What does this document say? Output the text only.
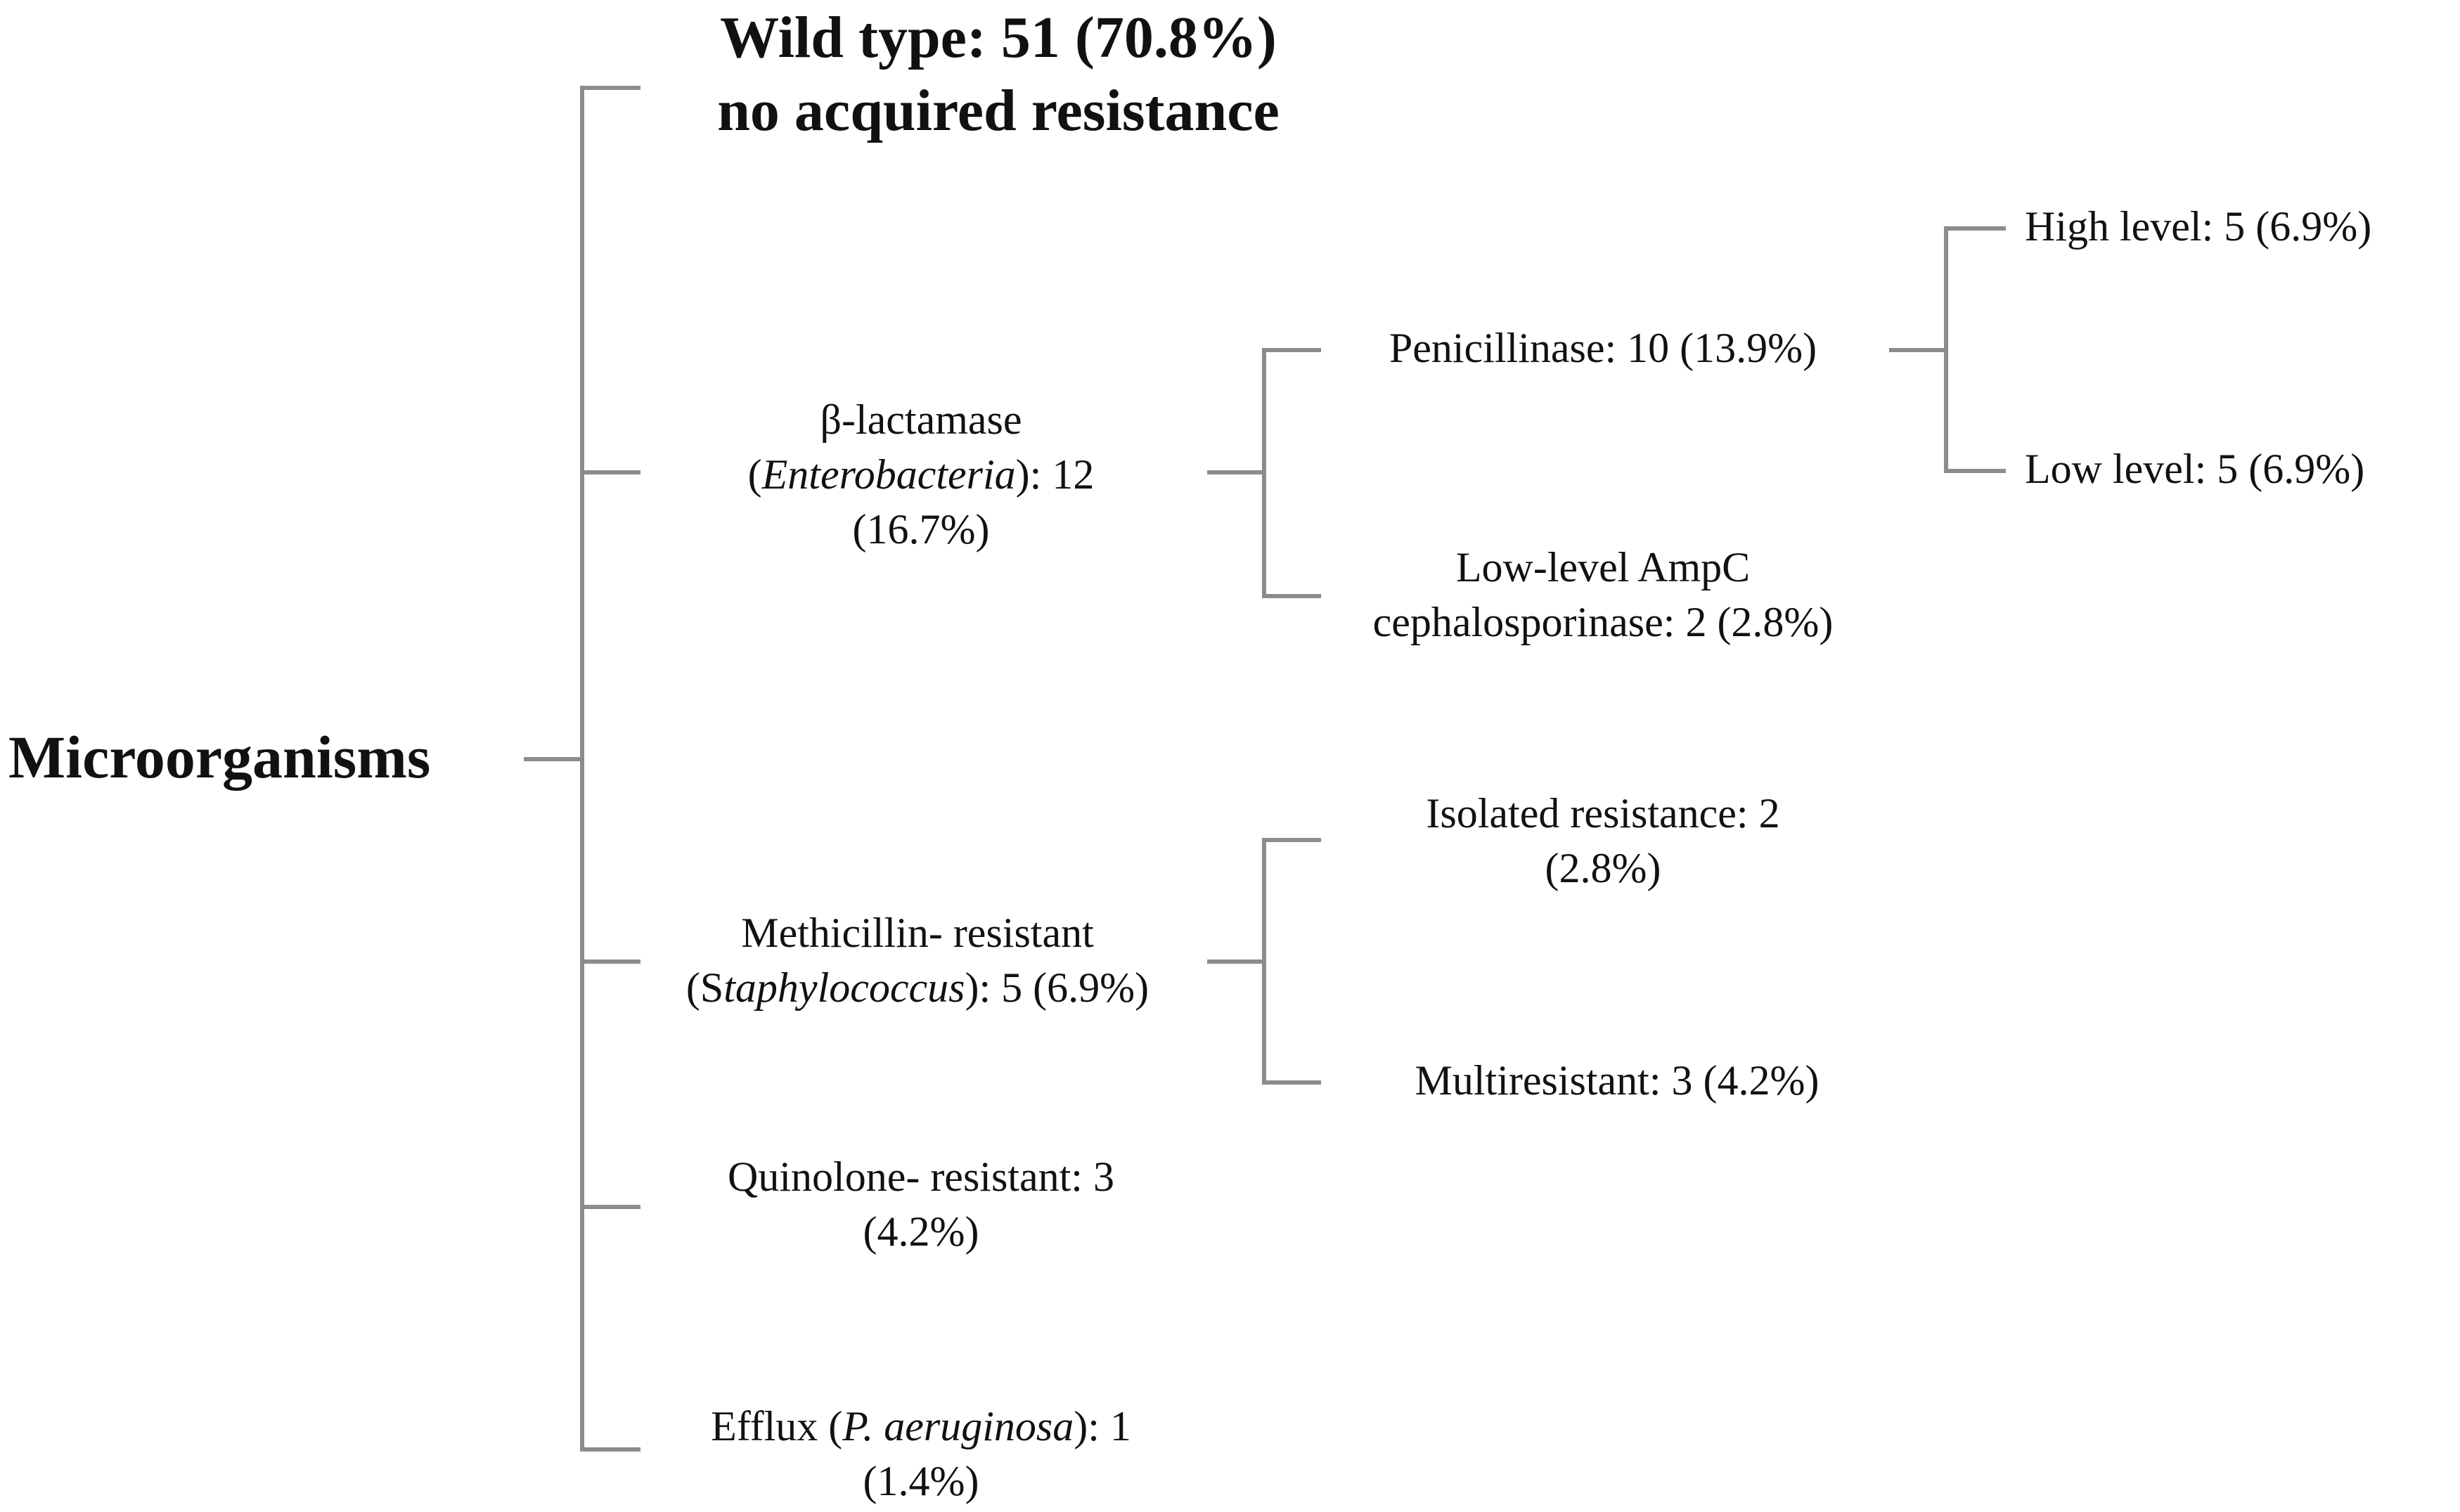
Microorganisms
Wild type: 51 (70.8%)
no acquired resistance
β-lactamase
(Enterobacteria): 12
(16.7%)
Penicillinase: 10 (13.9%)
High level: 5 (6.9%)
Low level: 5 (6.9%)
Low-level AmpC
cephalosporinase: 2 (2.8%)
Methicillin- resistant
(Staphylococcus): 5 (6.9%)
Isolated resistance: 2
(2.8%)
Multiresistant: 3 (4.2%)
Quinolone- resistant: 3
(4.2%)
Efflux (P. aeruginosa): 1
(1.4%)
